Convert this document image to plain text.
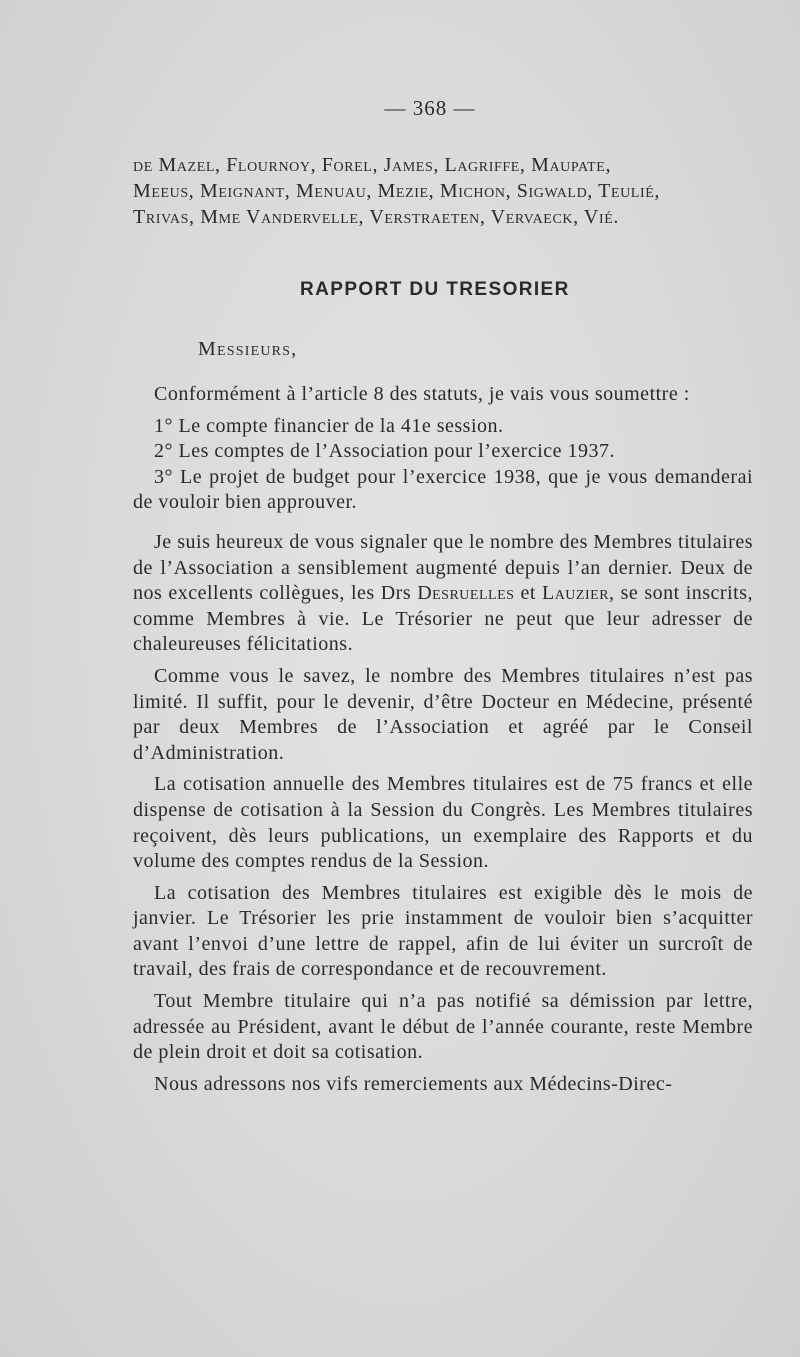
— 368 —

de Mazel, Flournoy, Forel, James, Lagriffe, Maupate,

Meeus, Meignant, Menuau, Mezie, Michon, Sigwald, Teulié,

Trivas, Mme Vandervelle, Verstraeten, Vervaeck, Vié.

RAPPORT DU TRESORIER
Messieurs,

Conformément à l’article 8 des statuts, je vais vous soumettre :

1° Le compte financier de la 41e session.

2° Les comptes de l’Association pour l’exercice 1937.

3° Le projet de budget pour l’exercice 1938, que je vous demanderai de vouloir bien approuver.

Je suis heureux de vous signaler que le nombre des Membres titulaires de l’Association a sensiblement augmenté depuis l’an dernier. Deux de nos excellents collègues, les Drs Desruelles et Lauzier, se sont inscrits, comme Membres à vie. Le Trésorier ne peut que leur adresser de chaleureuses félicitations.

Comme vous le savez, le nombre des Membres titulaires n’est pas limité. Il suffit, pour le devenir, d’être Docteur en Médecine, présenté par deux Membres de l’Association et agréé par le Conseil d’Administration.

La cotisation annuelle des Membres titulaires est de 75 francs et elle dispense de cotisation à la Session du Congrès. Les Membres titulaires reçoivent, dès leurs publications, un exemplaire des Rapports et du volume des comptes rendus de la Session.

La cotisation des Membres titulaires est exigible dès le mois de janvier. Le Trésorier les prie instamment de vouloir bien s’acquitter avant l’envoi d’une lettre de rappel, afin de lui éviter un surcroît de travail, des frais de correspondance et de recouvrement.

Tout Membre titulaire qui n’a pas notifié sa démission par lettre, adressée au Président, avant le début de l’année courante, reste Membre de plein droit et doit sa cotisation.

Nous adressons nos vifs remerciements aux Médecins-Direc-
